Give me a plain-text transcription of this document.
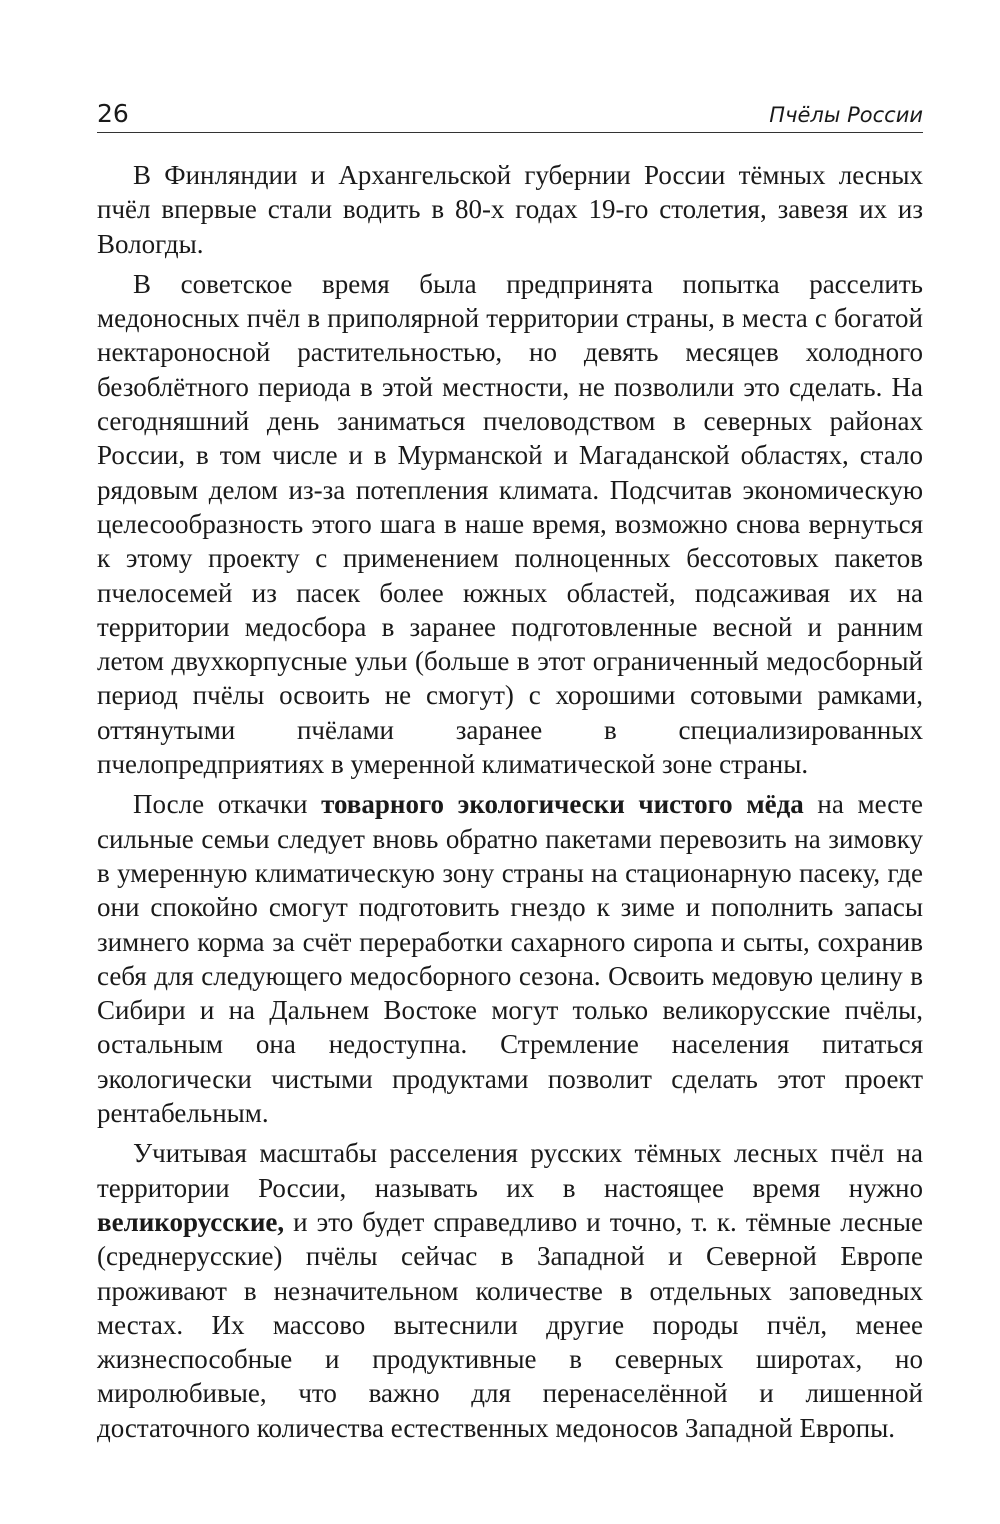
26	Пчёлы России

В Финляндии и Архангельской губернии России тёмных лесных пчёл впервые стали водить в 80-х годах 19-го столетия, завезя их из Вологды.

В советское время была предпринята попытка расселить медоносных пчёл в приполярной территории страны, в места с богатой нектароносной растительностью, но девять месяцев холодного безоблётного периода в этой местности, не позволили это сделать. На сегодняшний день заниматься пчеловодством в северных районах России, в том числе и в Мурманской и Магаданской областях, стало рядовым делом из-за потепления климата. Подсчитав экономическую целесообразность этого шага в наше время, возможно снова вернуться к этому проекту с применением полноценных бессотовых пакетов пчелосемей из пасек более южных областей, подсаживая их на территории медосбора в заранее подготовленные весной и ранним летом двухкорпусные ульи (больше в этот ограниченный медосборный период пчёлы освоить не смогут) с хорошими сотовыми рамками, оттянутыми пчёлами заранее в специализированных пчелопредприятиях в умеренной климатической зоне страны.

После откачки товарного экологически чистого мёда на месте сильные семьи следует вновь обратно пакетами перевозить на зимовку в умеренную климатическую зону страны на стационарную пасеку, где они спокойно смогут подготовить гнездо к зиме и пополнить запасы зимнего корма за счёт переработки сахарного сиропа и сыты, сохранив себя для следующего медосборного сезона. Освоить медовую целину в Сибири и на Дальнем Востоке могут только великорусские пчёлы, остальным она недоступна. Стремление населения питаться экологически чистыми продуктами позволит сделать этот проект рентабельным.

Учитывая масштабы расселения русских тёмных лесных пчёл на территории России, называть их в настоящее время нужно великорусские, и это будет справедливо и точно, т. к. тёмные лесные (среднерусские) пчёлы сейчас в Западной и Северной Европе проживают в незначительном количестве в отдельных заповедных местах. Их массово вытеснили другие породы пчёл, менее жизнеспособные и продуктивные в северных широтах, но миролюбивые, что важно для перенаселённой и лишенной достаточного количества естественных медоносов Западной Европы.
